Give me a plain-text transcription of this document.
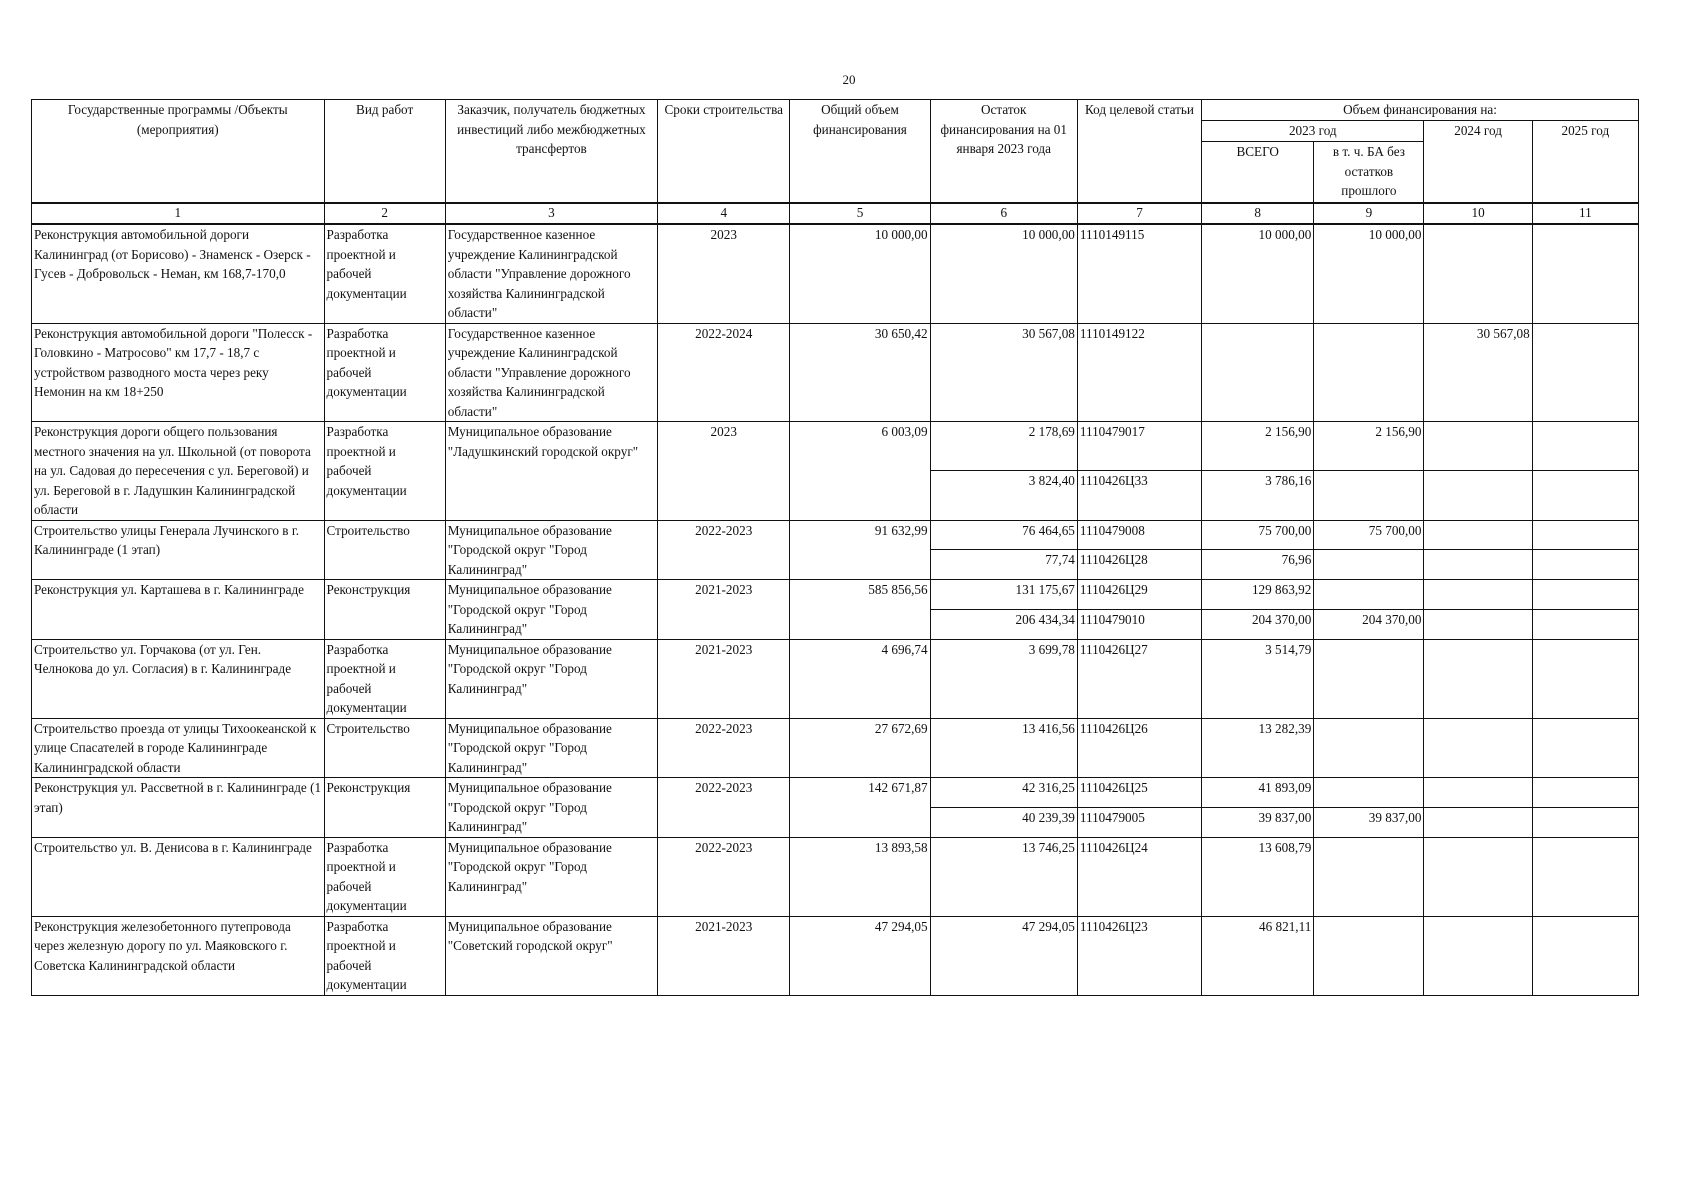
20
Государственные программы /Объекты (мероприятия)	Вид работ	Заказчик, получатель бюджетных инвестиций либо межбюджетных трансфертов	Сроки строительства	Общий объем финансирования	Остаток финансирования на 01 января 2023 года	Код целевой статьи	Объем финансирования на:			
							2023 год		2024 год	2025 год
							ВСЕГО	в т. ч. БА без остатков прошлого		
1	2	3	4	5	6	7	8	9	10	11
Реконструкция автомобильной дороги Калининград (от Борисово) - Знаменск - Озерск - Гусев - Добровольск - Неман, км 168,7-170,0	Разработка проектной и рабочей документации	Государственное казенное учреждение Калининградской области "Управление дорожного хозяйства Калининградской области"	2023	10 000,00	10 000,00	1110149115	10 000,00	10 000,00		
Реконструкция автомобильной дороги "Полесск - Головкино - Матросово" км 17,7 - 18,7 с устройством разводного моста через реку Немонин на км 18+250	Разработка проектной и рабочей документации	Государственное казенное учреждение Калининградской области "Управление дорожного хозяйства Калининградской области"	2022-2024	30 650,42	30 567,08	1110149122			30 567,08	
Реконструкция дороги общего пользования местного значения на ул. Школьной (от поворота на ул. Садовая до пересечения с ул. Береговой) и ул. Береговой в г. Ладушкин Калининградской области	Разработка проектной и рабочей документации	Муниципальное образование "Ладушкинский городской округ"	2023	6 003,09	2 178,69	1110479017	2 156,90	2 156,90		
					3 824,40	1110426Ц33	3 786,16			
Строительство улицы Генерала Лучинского в г. Калининграде (1 этап)	Строительство	Муниципальное образование "Городской округ "Город Калининград"	2022-2023	91 632,99	76 464,65	1110479008	75 700,00	75 700,00		
					77,74	1110426Ц28	76,96			
Реконструкция ул. Карташева в г. Калининграде	Реконструкция	Муниципальное образование "Городской округ "Город Калининград"	2021-2023	585 856,56	131 175,67	1110426Ц29	129 863,92			
					206 434,34	1110479010	204 370,00	204 370,00		
Строительство ул. Горчакова (от ул. Ген. Челнокова до ул. Согласия) в г. Калининграде	Разработка проектной и рабочей документации	Муниципальное образование "Городской округ "Город Калининград"	2021-2023	4 696,74	3 699,78	1110426Ц27	3 514,79			
Строительство проезда от улицы Тихоокеанской к улице Спасателей в городе Калининграде Калининградской области	Строительство	Муниципальное образование "Городской округ "Город Калининград"	2022-2023	27 672,69	13 416,56	1110426Ц26	13 282,39			
Реконструкция ул. Рассветной в г. Калининграде (1 этап)	Реконструкция	Муниципальное образование "Городской округ "Город Калининград"	2022-2023	142 671,87	42 316,25	1110426Ц25	41 893,09			
					40 239,39	1110479005	39 837,00	39 837,00		
Строительство ул. В. Денисова в г. Калининграде	Разработка проектной и рабочей документации	Муниципальное образование "Городской округ "Город Калининград"	2022-2023	13 893,58	13 746,25	1110426Ц24	13 608,79			
Реконструкция железобетонного путепровода через железную дорогу по ул. Маяковского г. Советска Калининградской области	Разработка проектной и рабочей документации	Муниципальное образование "Советский городской округ"	2021-2023	47 294,05	47 294,05	1110426Ц23	46 821,11			
